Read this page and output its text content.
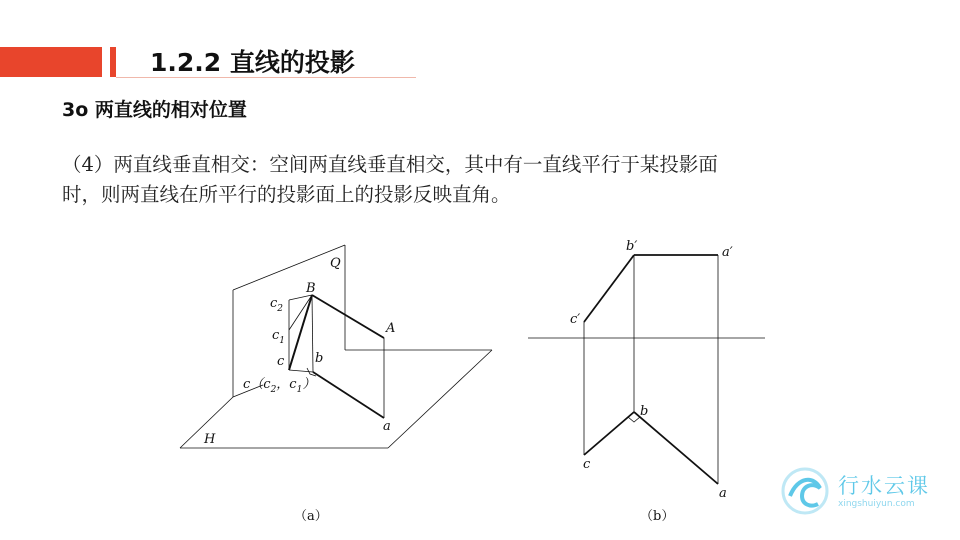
1.2.2 直线的投影
3o 两直线的相对位置
（4）两直线垂直相交：空间两直线垂直相交，其中有一直线平行于某投影面
时，则两直线在所平行的投影面上的投影反映直角。
Q
B
$c_2$
$c_1$
c b
A
$c(c_2$，$c_1$）
a
H
（a）
b′	a′
c′
b
c
a
（b）
行水云课
xingshuiyun.com
